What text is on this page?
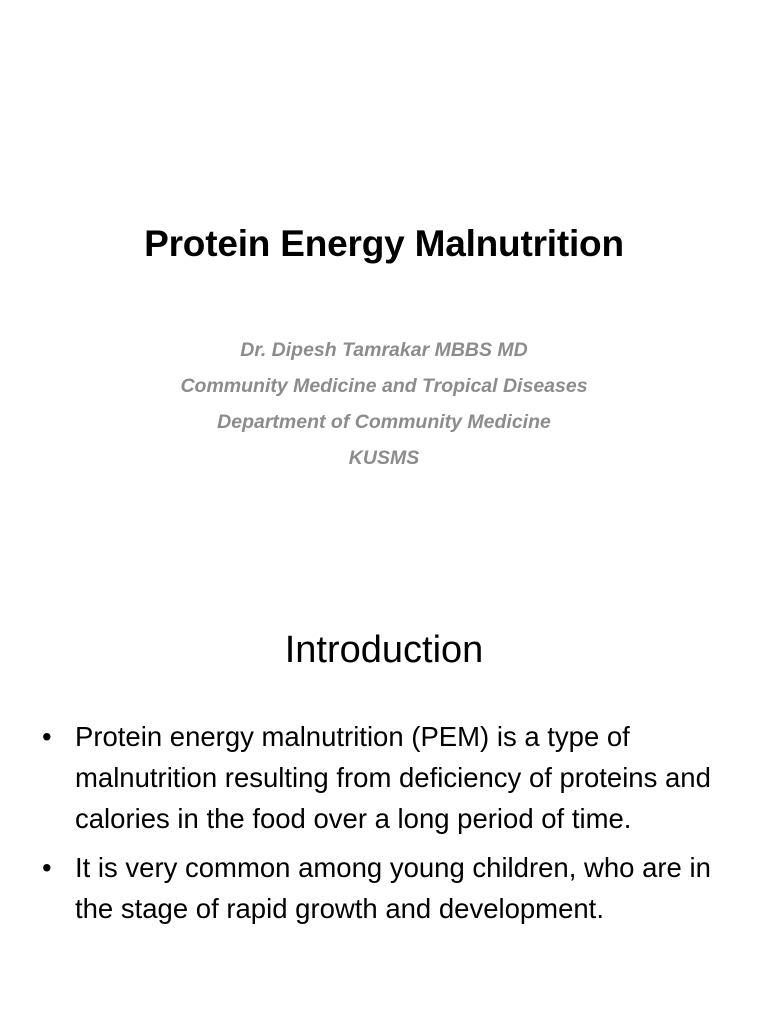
Protein Energy Malnutrition
Dr. Dipesh Tamrakar MBBS MD
Community Medicine and Tropical Diseases
Department of Community Medicine
KUSMS
Introduction
• Protein energy malnutrition (PEM) is a type of malnutrition resulting from deficiency of proteins and calories in the food over a long period of time.
• It is very common among young children, who are in the stage of rapid growth and development.
